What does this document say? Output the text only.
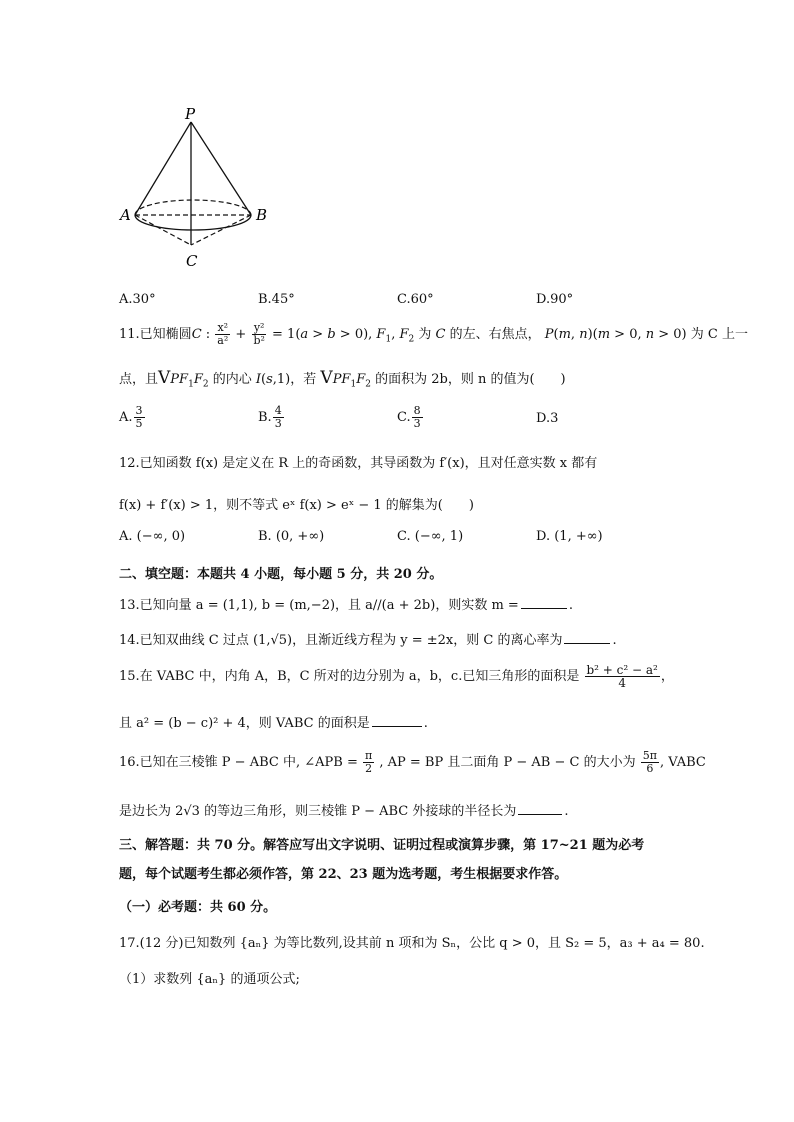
P
A	B
C
A.30°	B.45°	C.60°	D.90°
11.已知椭圆C : $\frac{\text{x²}}{\text{a²}} + \frac{\text{y²}}{\text{b²}} = 1(a > b > 0)$, $F_1$, $F_2$ 为 C 的左、右焦点， P(m, n)(m > 0, n > 0) 为 C 上一
点，且$VPF_1F_2$ 的内心 I(s,1)，若 $VPF_1F_2$ 的面积为 2b，则 n 的值为(　　)
A. $\frac{3}{5}$	B. $\frac{4}{3}$	C. $\frac{8}{3}$	D.3
12.已知函数 f(x) 是定义在 R 上的奇函数，其导函数为 f′(x)，且对任意实数 x 都有
f(x) + f′(x) > 1，则不等式 eˣ f(x) > eˣ − 1 的解集为(　　)
A. (−∞, 0)	B. (0, +∞)	C. (−∞, 1)	D. (1, +∞)
二、填空题：本题共 4 小题，每小题 5 分，共 20 分。
13.已知向量 a = (1,1), b = (m,−2)，且 a//(a + 2b)，则实数 m =	.
14.已知双曲线 C 过点 (1,√5)，且渐近线方程为 y = ±2x，则 C 的离心率为	.
15.在 VABC 中，内角 A，B，C 所对的边分别为 a，b，c.已知三角形的面积是 $\frac{\text{b² + c² − a²}}{4}$ ，
且 a² = (b − c)² + 4，则 VABC 的面积是	.
16.已知在三棱锥 P − ABC 中, ∠APB = $\frac{\pi}{2}$ , AP = BP 且二面角 P − AB − C 的大小为 $\frac{5\pi}{6}$ , VABC
是边长为 2√3 的等边三角形，则三棱锥 P − ABC 外接球的半径长为	.
三、解答题：共 70 分。解答应写出文字说明、证明过程或演算步骤，第 17~21 题为必考
题，每个试题考生都必须作答，第 22、23 题为选考题，考生根据要求作答。
（一）必考题：共 60 分。
17.(12 分)已知数列 {aₙ} 为等比数列,设其前 n 项和为 Sₙ，公比 q > 0，且 S₂ = 5，a₃ + a₄ = 80.
（1）求数列 {aₙ} 的通项公式;
